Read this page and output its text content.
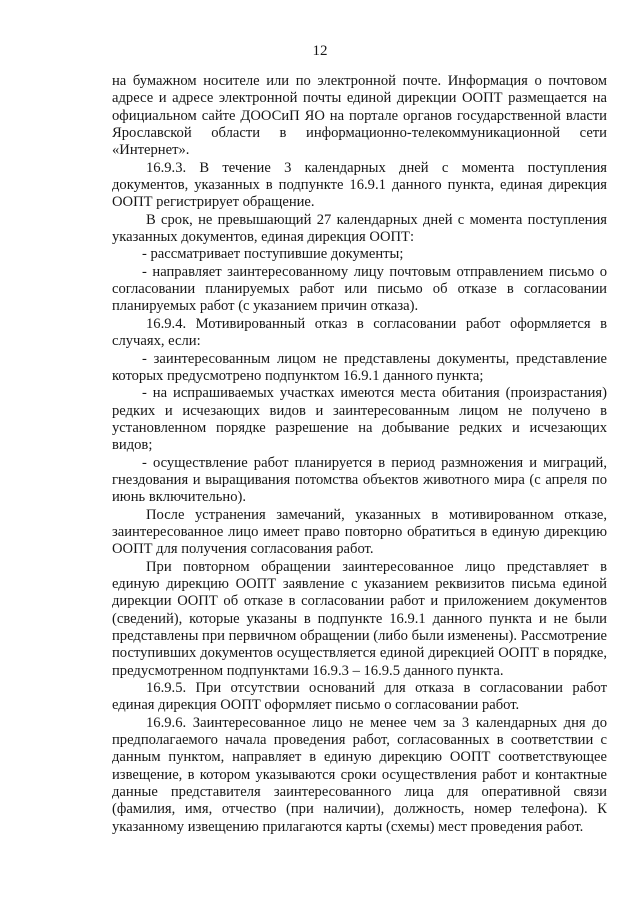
12

на бумажном носителе или по электронной почте. Информация о почтовом адресе и адресе электронной почты единой дирекции ООПТ размещается на официальном сайте ДООСиП ЯО на портале органов государственной власти Ярославской области в информационно-телекоммуникационной сети «Интернет».

16.9.3. В течение 3 календарных дней с момента поступления документов, указанных в подпункте 16.9.1 данного пункта, единая дирекция ООПТ регистрирует обращение.

В срок, не превышающий 27 календарных дней с момента поступления указанных документов, единая дирекция ООПТ:

- рассматривает поступившие документы;

- направляет заинтересованному лицу почтовым отправлением письмо о согласовании планируемых работ или письмо об отказе в согласовании планируемых работ (с указанием причин отказа).

16.9.4. Мотивированный отказ в согласовании работ оформляется в случаях, если:

- заинтересованным лицом не представлены документы, представление которых предусмотрено подпунктом 16.9.1 данного пункта;

- на испрашиваемых участках имеются места обитания (произрастания) редких и исчезающих видов и заинтересованным лицом не получено в установленном порядке разрешение на добывание редких и исчезающих видов;

- осуществление работ планируется в период размножения и миграций, гнездования и выращивания потомства объектов животного мира (с апреля по июнь включительно).

После устранения замечаний, указанных в мотивированном отказе, заинтересованное лицо имеет право повторно обратиться в единую дирекцию ООПТ для получения согласования работ.

При повторном обращении заинтересованное лицо представляет в единую дирекцию ООПТ заявление с указанием реквизитов письма единой дирекции ООПТ об отказе в согласовании работ и приложением документов (сведений), которые указаны в подпункте 16.9.1 данного пункта и не были представлены при первичном обращении (либо были изменены). Рассмотрение поступивших документов осуществляется единой дирекцией ООПТ в порядке, предусмотренном подпунктами 16.9.3 – 16.9.5 данного пункта.

16.9.5. При отсутствии оснований для отказа в согласовании работ единая дирекция ООПТ оформляет письмо о согласовании работ.

16.9.6. Заинтересованное лицо не менее чем за 3 календарных дня до предполагаемого начала проведения работ, согласованных в соответствии с данным пунктом, направляет в единую дирекцию ООПТ соответствующее извещение, в котором указываются сроки осуществления работ и контактные данные представителя заинтересованного лица для оперативной связи (фамилия, имя, отчество (при наличии), должность, номер телефона). К указанному извещению прилагаются карты (схемы) мест проведения работ.
